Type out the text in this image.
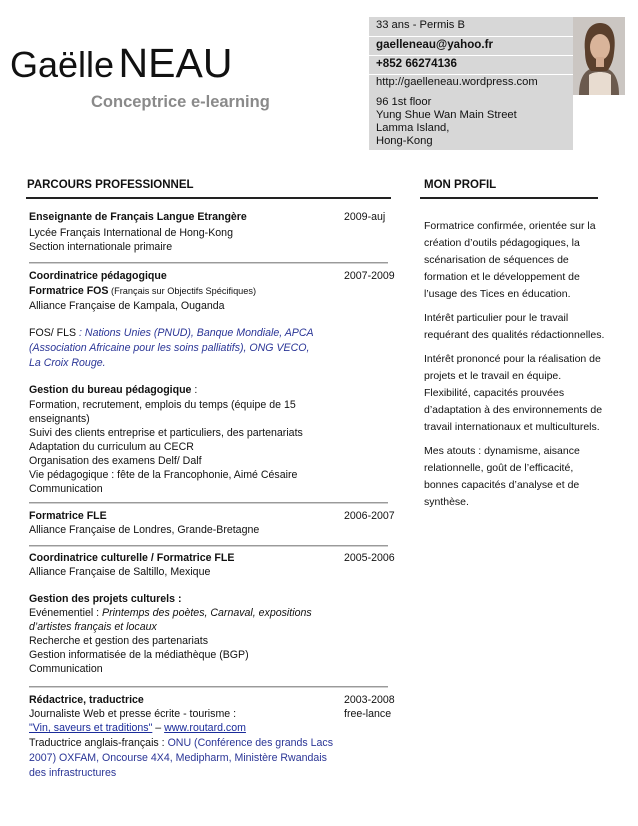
Gaëlle NEAU
Conceptrice e-learning
33 ans - Permis B
gaelleneau@yahoo.fr
+852 66274136
http://gaelleneau.wordpress.com
96 1st floor
Yung Shue Wan Main Street
Lamma Island,
Hong-Kong
PARCOURS PROFESSIONNEL	MON PROFIL
Enseignante de Français Langue Etrangère	2009-auj
Lycée Français International de Hong-Kong
Section internationale primaire
Coordinatrice pédagogique	2007-2009
Formatrice FOS (Français sur Objectifs Spécifiques)
Alliance Française de Kampala, Ouganda
FOS/ FLS : Nations Unies (PNUD), Banque Mondiale, APCA
(Association Africaine pour les soins palliatifs), ONG VECO,
La Croix Rouge.
Gestion du bureau pédagogique :
Formation, recrutement, emplois du temps (équipe de 15
enseignants)
Suivi des clients entreprise et particuliers, des partenariats
Adaptation du curriculum au CECR
Organisation des examens Delf/ Dalf
Vie pédagogique : fête de la Francophonie, Aimé Césaire
Communication
Formatrice FLE	2006-2007
Alliance Française de Londres, Grande-Bretagne
Coordinatrice culturelle / Formatrice FLE	2005-2006
Alliance Française de Saltillo, Mexique
Gestion des projets culturels :
Evénementiel : Printemps des poètes, Carnaval, expositions
d’artistes français et locaux
Recherche et gestion des partenariats
Gestion informatisée de la médiathèque (BGP)
Communication
Rédactrice, traductrice	2003-2008
free-lance
Journaliste Web et presse écrite - tourisme :
"Vin, saveurs et traditions" – www.routard.com
Traductrice anglais-français : ONU (Conférence des grands Lacs
2007) OXFAM, Oncourse 4X4, Medipharm, Ministère Rwandais
des infrastructures
Formatrice confirmée, orientée sur la
création d’outils pédagogiques, la
scénarisation de séquences de
formation et le développement de
l’usage des Tices en éducation.
Intérêt particulier pour le travail
requérant des qualités rédactionnelles.
Intérêt prononcé pour la réalisation de
projets et le travail en équipe.
Flexibilité, capacités prouvées
d’adaptation à des environnements de
travail internationaux et multiculturels.
Mes atouts : dynamisme, aisance
relationnelle, goût de l’efficacité,
bonnes capacités d’analyse et de
synthèse.
